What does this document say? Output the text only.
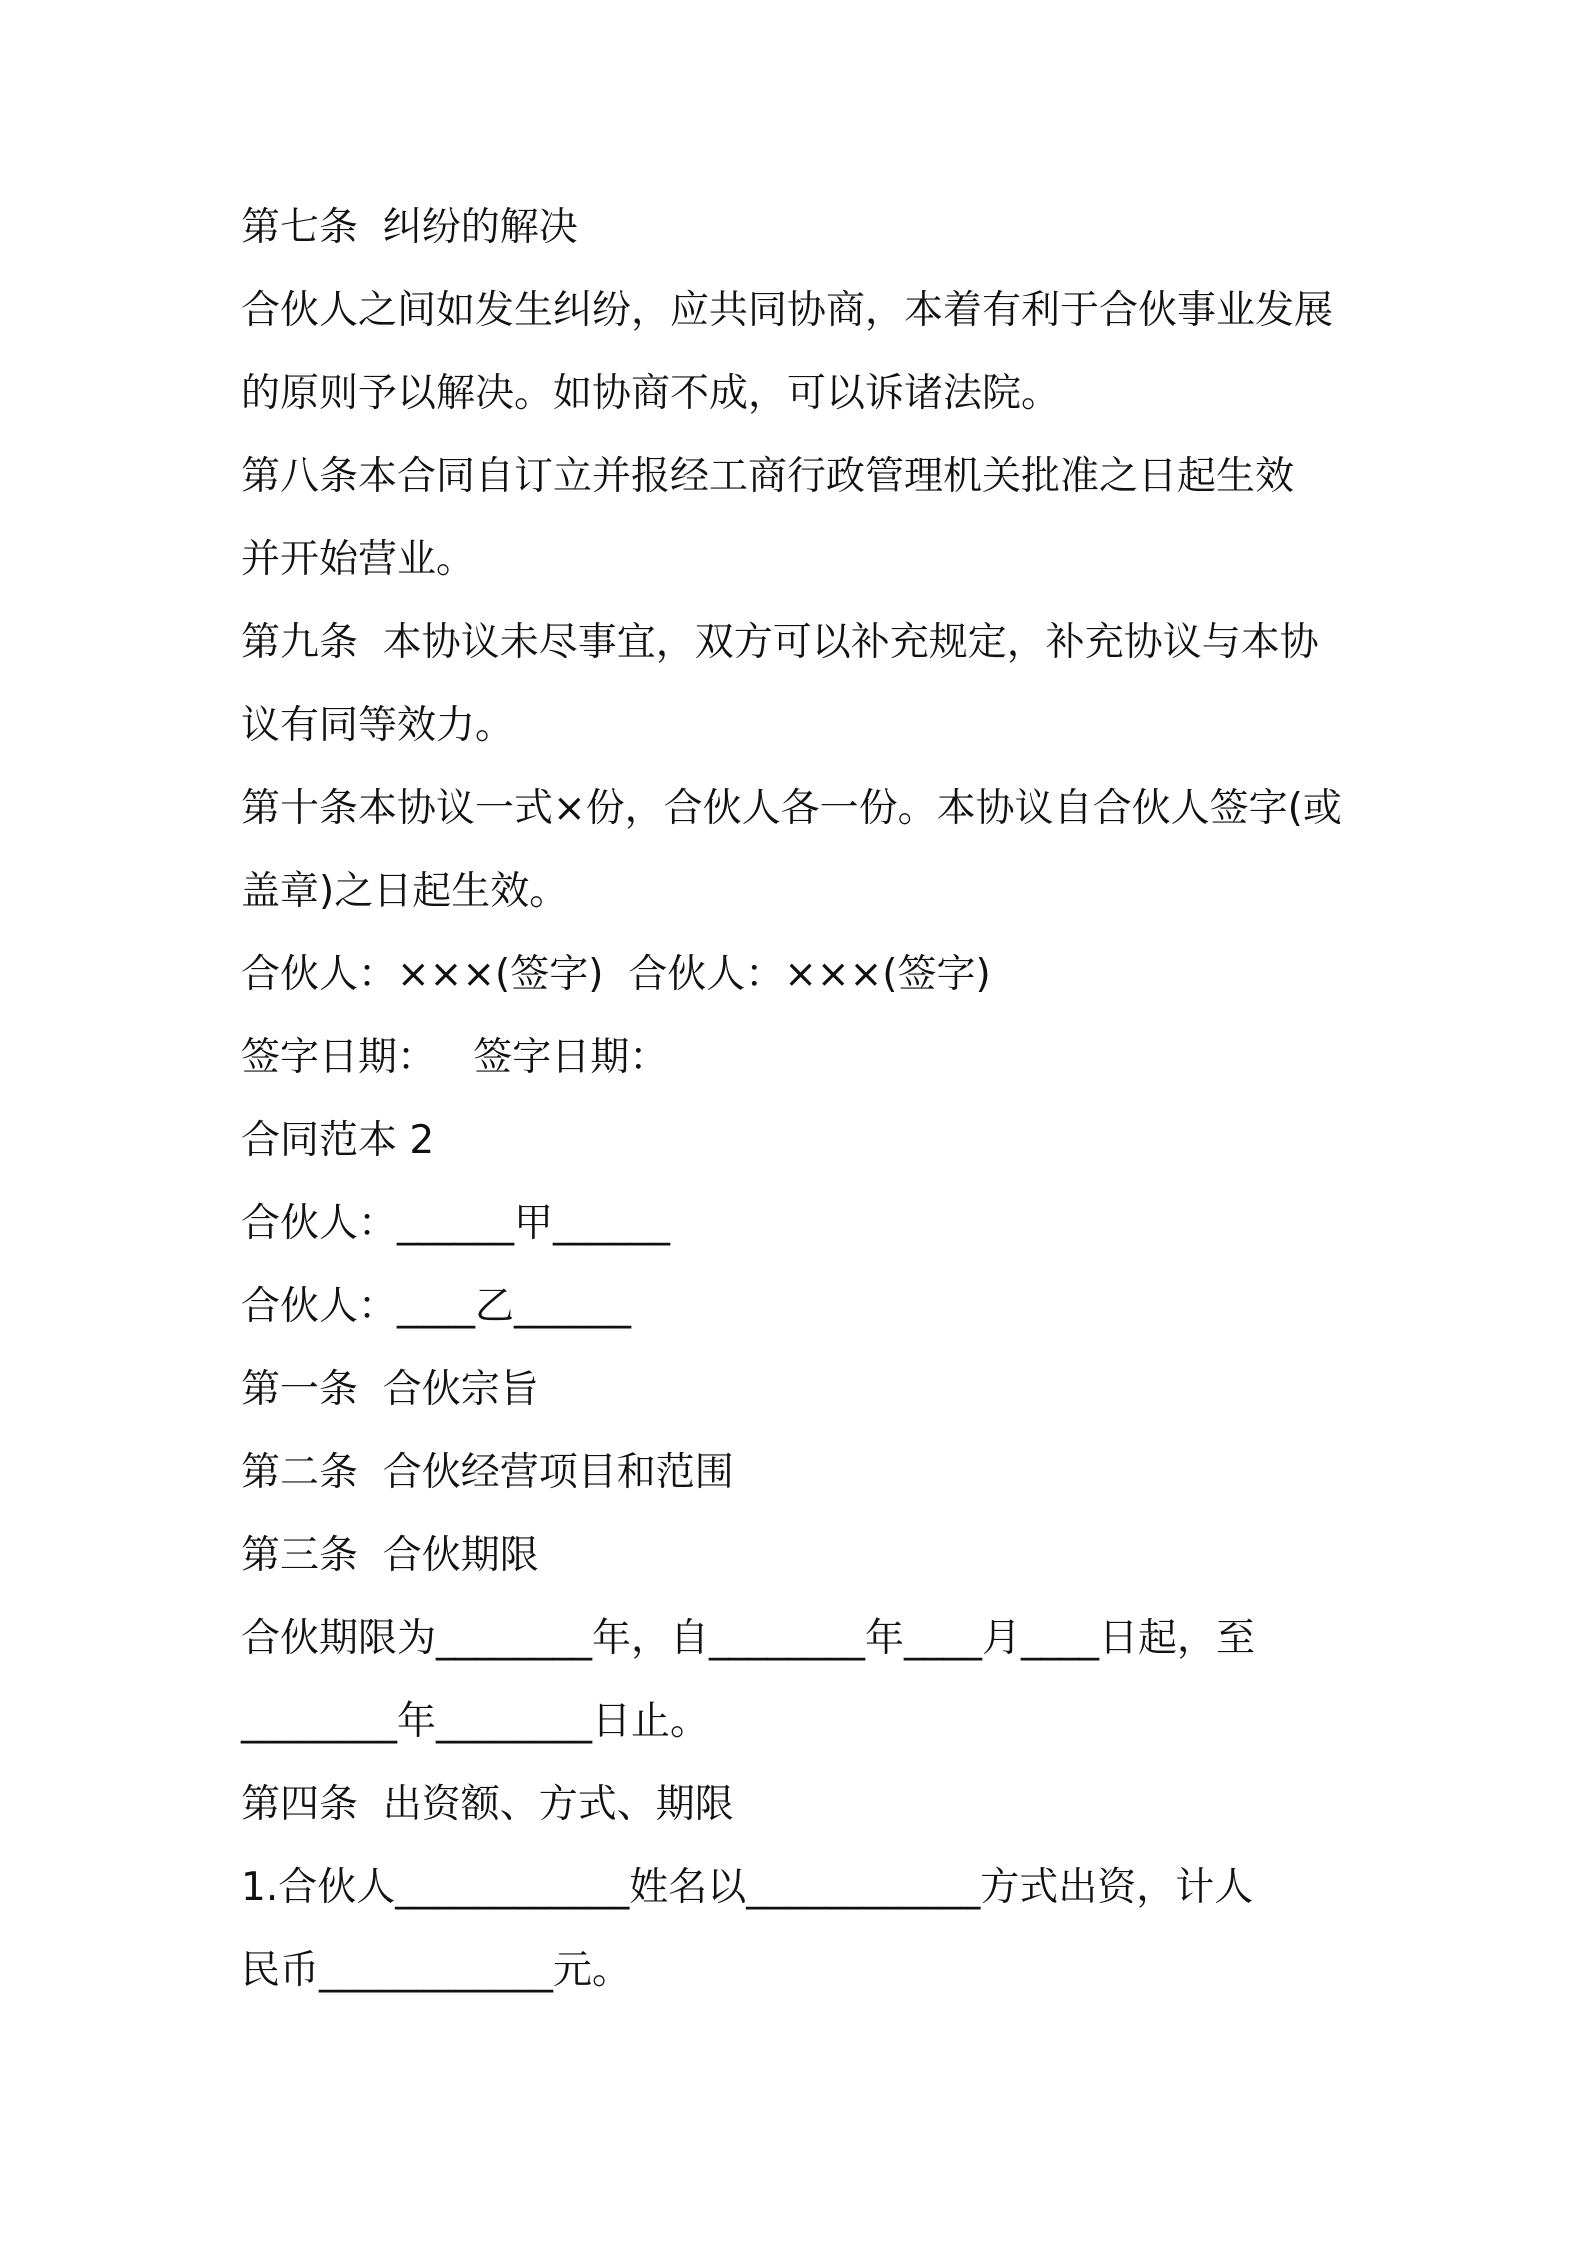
第七条  纠纷的解决
合伙人之间如发生纠纷，应共同协商，本着有利于合伙事业发展
的原则予以解决。如协商不成，可以诉诸法院。
第八条本合同自订立并报经工商行政管理机关批准之日起生效
并开始营业。
第九条  本协议未尽事宜，双方可以补充规定，补充协议与本协
议有同等效力。
第十条本协议一式×份，合伙人各一份。本协议自合伙人签字(或
盖章)之日起生效。
合伙人：×××(签字)  合伙人：×××(签字)
签字日期：   签字日期：
合同范本 2
合伙人：______甲______
合伙人：____乙______
第一条  合伙宗旨
第二条  合伙经营项目和范围
第三条  合伙期限
合伙期限为________年，自________年____月____日起，至
________年________日止。
第四条  出资额、方式、期限
1.合伙人____________姓名以____________方式出资，计人
民币____________元。
